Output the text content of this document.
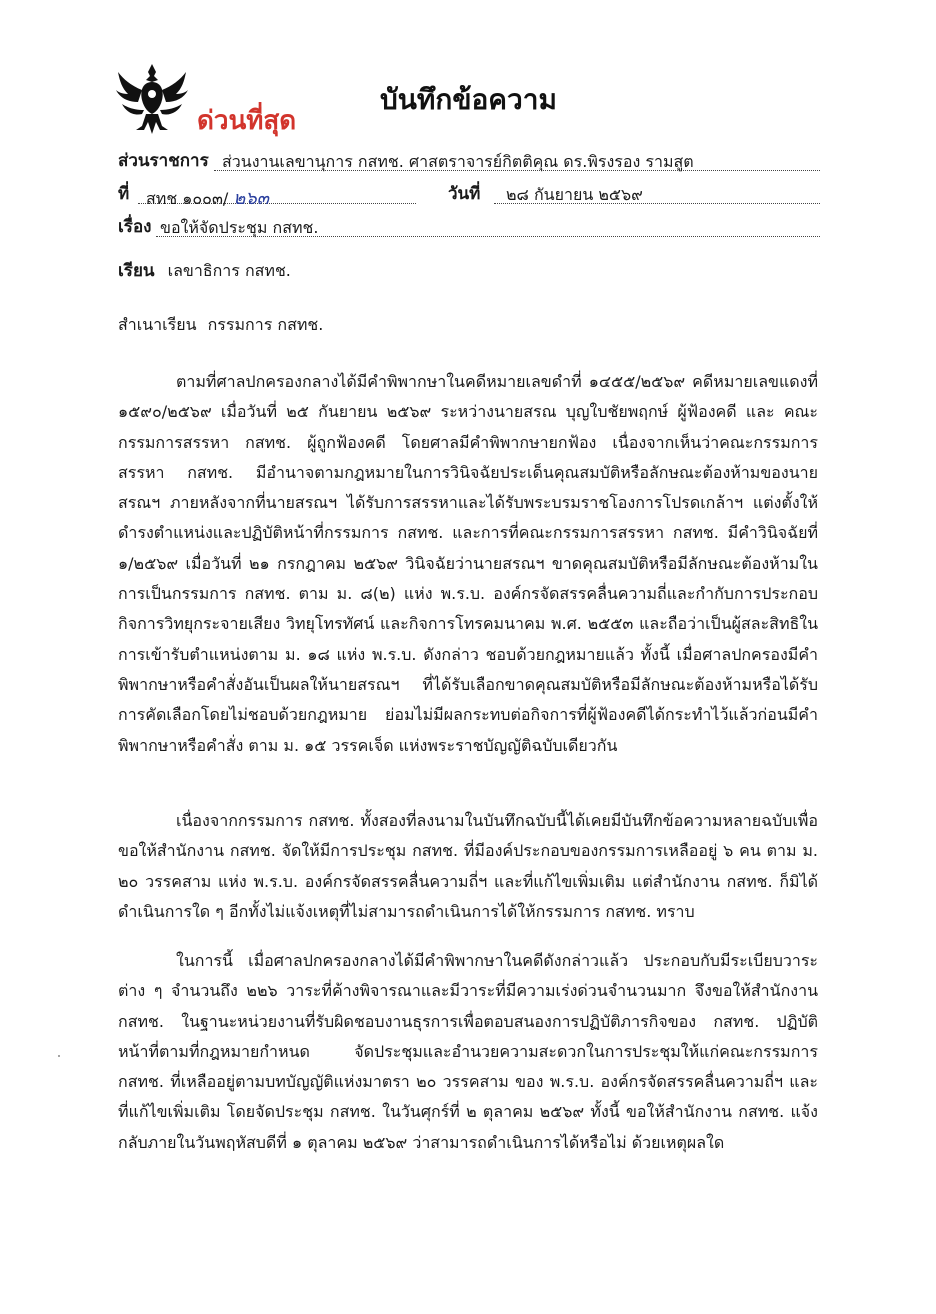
ด่วนที่สุด
บันทึกข้อความ
ส่วนราชการ ส่วนงานเลขานุการ กสทช. ศาสตราจารย์กิตติคุณ ดร.พิรงรอง รามสูต
ที่ สทช ๑๐๐๓/ ๒๖๓	วันที่ ๒๘ กันยายน ๒๕๖๙
เรื่อง ขอให้จัดประชุม กสทช.
เรียน เลขาธิการ กสทช.
สำเนาเรียน กรรมการ กสทช.
ตามที่ศาลปกครองกลางได้มีคำพิพากษาในคดีหมายเลขดำที่ ๑๔๕๕/๒๕๖๙ คดีหมายเลขแดงที่ ๑๕๙๐/๒๕๖๙ เมื่อวันที่ ๒๕ กันยายน ๒๕๖๙ ระหว่างนายสรณ บุญใบชัยพฤกษ์ ผู้ฟ้องคดี และ คณะกรรมการสรรหา กสทช. ผู้ถูกฟ้องคดี โดยศาลมีคำพิพากษายกฟ้อง เนื่องจากเห็นว่าคณะกรรมการสรรหา กสทช. มีอำนาจตามกฎหมายในการวินิจฉัยประเด็นคุณสมบัติหรือลักษณะต้องห้ามของนายสรณฯ ภายหลังจากที่นายสรณฯ ได้รับการสรรหาและได้รับพระบรมราชโองการโปรดเกล้าฯ แต่งตั้งให้ดำรงตำแหน่งและปฏิบัติหน้าที่กรรมการ กสทช. และการที่คณะกรรมการสรรหา กสทช. มีคำวินิจฉัยที่ ๑/๒๕๖๙ เมื่อวันที่ ๒๑ กรกฎาคม ๒๕๖๙ วินิจฉัยว่านายสรณฯ ขาดคุณสมบัติหรือมีลักษณะต้องห้ามในการเป็นกรรมการ กสทช. ตาม ม. ๘(๒) แห่ง พ.ร.บ. องค์กรจัดสรรคลื่นความถี่และกำกับการประกอบกิจการวิทยุกระจายเสียง วิทยุโทรทัศน์ และกิจการโทรคมนาคม พ.ศ. ๒๕๕๓ และถือว่าเป็นผู้สละสิทธิในการเข้ารับตำแหน่งตาม ม. ๑๘ แห่ง พ.ร.บ. ดังกล่าว ชอบด้วยกฎหมายแล้ว ทั้งนี้ เมื่อศาลปกครองมีคำพิพากษาหรือคำสั่งอันเป็นผลให้นายสรณฯ ที่ได้รับเลือกขาดคุณสมบัติหรือมีลักษณะต้องห้ามหรือได้รับการคัดเลือกโดยไม่ชอบด้วยกฎหมาย ย่อมไม่มีผลกระทบต่อกิจการที่ผู้ฟ้องคดีได้กระทำไว้แล้วก่อนมีคำพิพากษาหรือคำสั่ง ตาม ม. ๑๕ วรรคเจ็ด แห่งพระราชบัญญัติฉบับเดียวกัน
เนื่องจากกรรมการ กสทช. ทั้งสองที่ลงนามในบันทึกฉบับนี้ได้เคยมีบันทึกข้อความหลายฉบับเพื่อขอให้สำนักงาน กสทช. จัดให้มีการประชุม กสทช. ที่มีองค์ประกอบของกรรมการเหลืออยู่ ๖ คน ตาม ม. ๒๐ วรรคสาม แห่ง พ.ร.บ. องค์กรจัดสรรคลื่นความถี่ฯ และที่แก้ไขเพิ่มเติม แต่สำนักงาน กสทช. ก็มิได้ดำเนินการใด ๆ อีกทั้งไม่แจ้งเหตุที่ไม่สามารถดำเนินการได้ให้กรรมการ กสทช. ทราบ
ในการนี้ เมื่อศาลปกครองกลางได้มีคำพิพากษาในคดีดังกล่าวแล้ว ประกอบกับมีระเบียบวาระต่าง ๆ จำนวนถึง ๒๒๖ วาระที่ค้างพิจารณาและมีวาระที่มีความเร่งด่วนจำนวนมาก จึงขอให้สำนักงาน กสทช. ในฐานะหน่วยงานที่รับผิดชอบงานธุรการเพื่อตอบสนองการปฏิบัติภารกิจของ กสทช. ปฏิบัติหน้าที่ตามที่กฎหมายกำหนด จัดประชุมและอำนวยความสะดวกในการประชุมให้แก่คณะกรรมการ กสทช. ที่เหลืออยู่ตามบทบัญญัติแห่งมาตรา ๒๐ วรรคสาม ของ พ.ร.บ. องค์กรจัดสรรคลื่นความถี่ฯ และที่แก้ไขเพิ่มเติม โดยจัดประชุม กสทช. ในวันศุกร์ที่ ๒ ตุลาคม ๒๕๖๙ ทั้งนี้ ขอให้สำนักงาน กสทช. แจ้งกลับภายในวันพฤหัสบดีที่ ๑ ตุลาคม ๒๕๖๙ ว่าสามารถดำเนินการได้หรือไม่ ด้วยเหตุผลใด
